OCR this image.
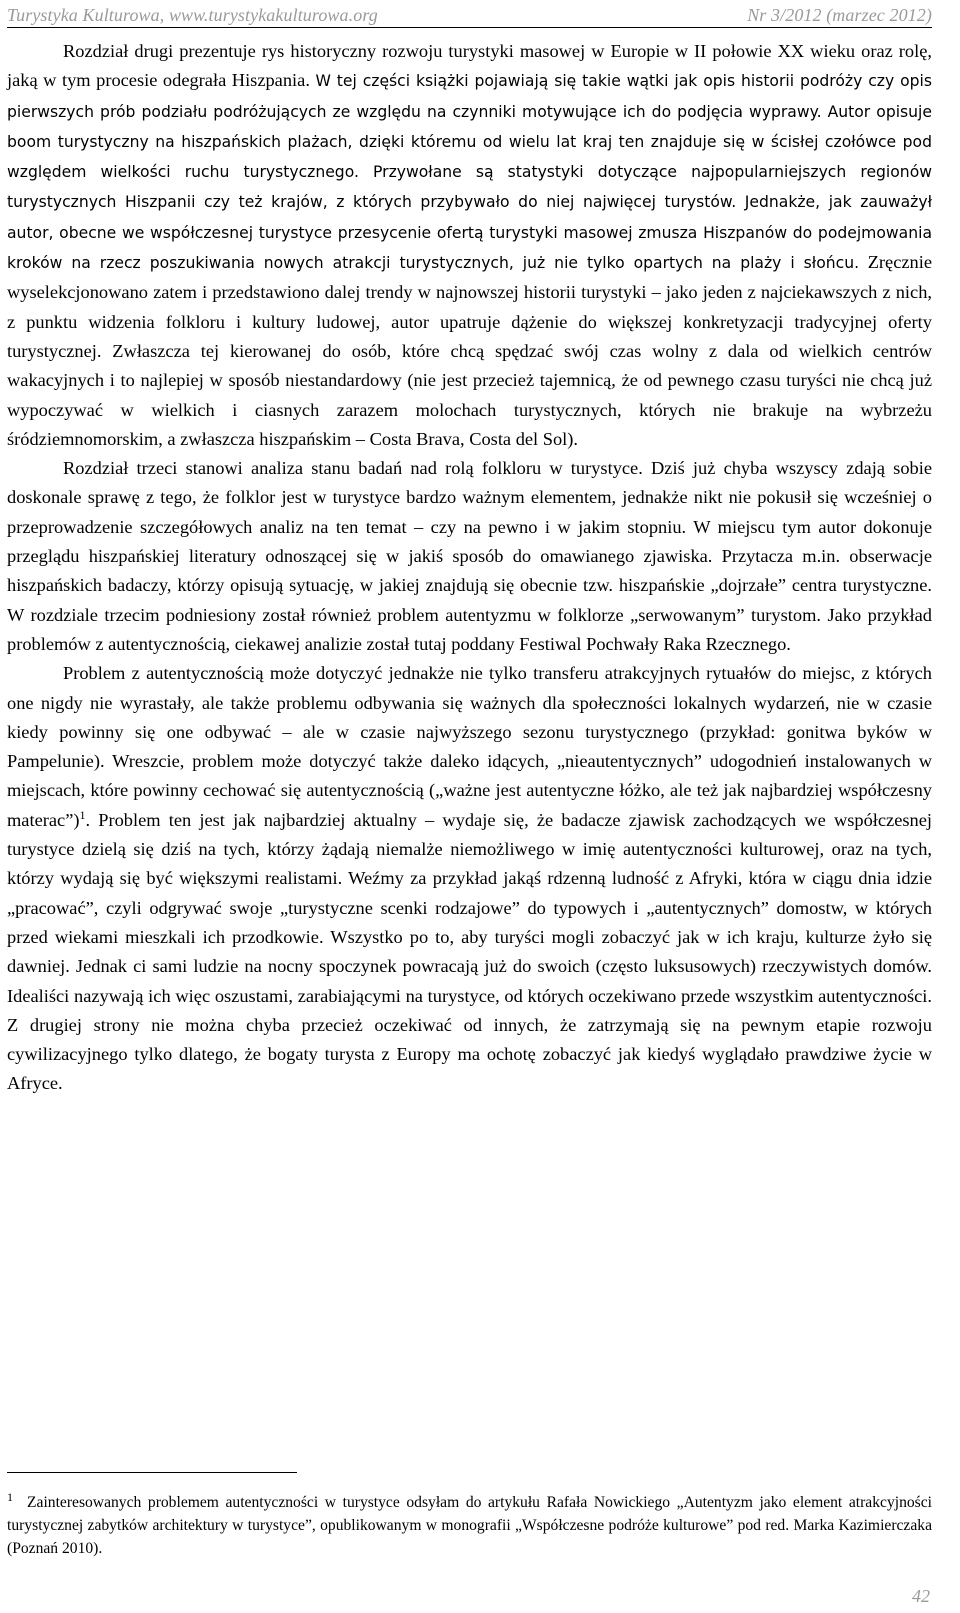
Turystyka Kulturowa, www.turystykakulturowa.org	Nr 3/2012 (marzec 2012)

Rozdział drugi prezentuje rys historyczny rozwoju turystyki masowej w Europie w II połowie XX wieku oraz rolę, jaką w tym procesie odegrała Hiszpania. W tej części książki pojawiają się takie wątki jak opis historii podróży czy opis pierwszych prób podziału podróżujących ze względu na czynniki motywujące ich do podjęcia wyprawy. Autor opisuje boom turystyczny na hiszpańskich plażach, dzięki któremu od wielu lat kraj ten znajduje się w ścisłej czołówce pod względem wielkości ruchu turystycznego. Przywołane są statystyki dotyczące najpopularniejszych regionów turystycznych Hiszpanii czy też krajów, z których przybywało do niej najwięcej turystów. Jednakże, jak zauważył autor, obecne we współczesnej turystyce przesycenie ofertą turystyki masowej zmusza Hiszpanów do podejmowania kroków na rzecz poszukiwania nowych atrakcji turystycznych, już nie tylko opartych na plaży i słońcu. Zręcznie wyselekcjonowano zatem i przedstawiono dalej trendy w najnowszej historii turystyki – jako jeden z najciekawszych z nich, z punktu widzenia folkloru i kultury ludowej, autor upatruje dążenie do większej konkretyzacji tradycyjnej oferty turystycznej. Zwłaszcza tej kierowanej do osób, które chcą spędzać swój czas wolny z dala od wielkich centrów wakacyjnych i to najlepiej w sposób niestandardowy (nie jest przecież tajemnicą, że od pewnego czasu turyści nie chcą już wypoczywać w wielkich i ciasnych zarazem molochach turystycznych, których nie brakuje na wybrzeżu śródziemnomorskim, a zwłaszcza hiszpańskim – Costa Brava, Costa del Sol).

Rozdział trzeci stanowi analiza stanu badań nad rolą folkloru w turystyce. Dziś już chyba wszyscy zdają sobie doskonale sprawę z tego, że folklor jest w turystyce bardzo ważnym elementem, jednakże nikt nie pokusił się wcześniej o przeprowadzenie szczegółowych analiz na ten temat – czy na pewno i w jakim stopniu. W miejscu tym autor dokonuje przeglądu hiszpańskiej literatury odnoszącej się w jakiś sposób do omawianego zjawiska. Przytacza m.in. obserwacje hiszpańskich badaczy, którzy opisują sytuację, w jakiej znajdują się obecnie tzw. hiszpańskie „dojrzałe” centra turystyczne. W rozdziale trzecim podniesiony został również problem autentyzmu w folklorze „serwowanym” turystom. Jako przykład problemów z autentycznością, ciekawej analizie został tutaj poddany Festiwal Pochwały Raka Rzecznego.

Problem z autentycznością może dotyczyć jednakże nie tylko transferu atrakcyjnych rytuałów do miejsc, z których one nigdy nie wyrastały, ale także problemu odbywania się ważnych dla społeczności lokalnych wydarzeń, nie w czasie kiedy powinny się one odbywać – ale w czasie najwyższego sezonu turystycznego (przykład: gonitwa byków w Pampelunie). Wreszcie, problem może dotyczyć także daleko idących, „nieautentycznych” udogodnień instalowanych w miejscach, które powinny cechować się autentycznością („ważne jest autentyczne łóżko, ale też jak najbardziej współczesny materac”)$^1$. Problem ten jest jak najbardziej aktualny – wydaje się, że badacze zjawisk zachodzących we współczesnej turystyce dzielą się dziś na tych, którzy żądają niemalże niemożliwego w imię autentyczności kulturowej, oraz na tych, którzy wydają się być większymi realistami. Weźmy za przykład jakąś rdzenną ludność z Afryki, która w ciągu dnia idzie „pracować”, czyli odgrywać swoje „turystyczne scenki rodzajowe” do typowych i „autentycznych” domostw, w których przed wiekami mieszkali ich przodkowie. Wszystko po to, aby turyści mogli zobaczyć jak w ich kraju, kulturze żyło się dawniej. Jednak ci sami ludzie na nocny spoczynek powracają już do swoich (często luksusowych) rzeczywistych domów. Idealiści nazywają ich więc oszustami, zarabiającymi na turystyce, od których oczekiwano przede wszystkim autentyczności. Z drugiej strony nie można chyba przecież oczekiwać od innych, że zatrzymają się na pewnym etapie rozwoju cywilizacyjnego tylko dlatego, że bogaty turysta z Europy ma ochotę zobaczyć jak kiedyś wyglądało prawdziwe życie w Afryce.

$^1$ Zainteresowanych problemem autentyczności w turystyce odsyłam do artykułu Rafała Nowickiego „Autentyzm jako element atrakcyjności turystycznej zabytków architektury w turystyce”, opublikowanym w monografii „Współczesne podróże kulturowe” pod red. Marka Kazimierczaka (Poznań 2010).

42
